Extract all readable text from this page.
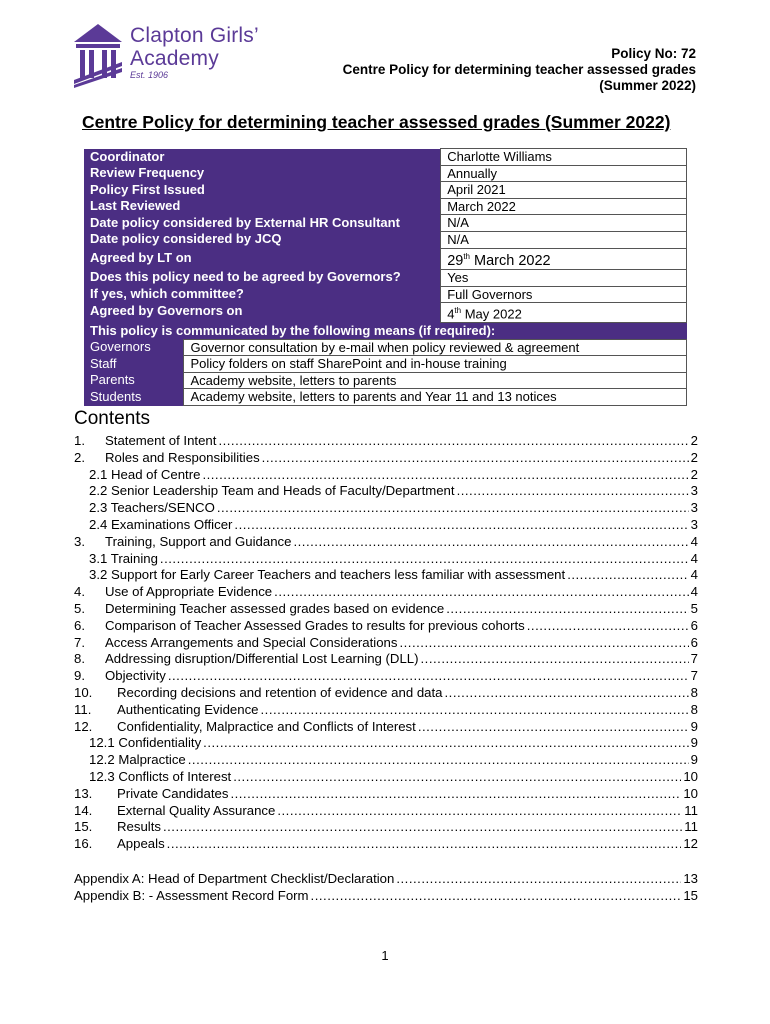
Clapton Girls’
Academy
Est. 1906
Policy No: 72
Centre Policy for determining teacher assessed grades
(Summer 2022)
Centre Policy for determining teacher assessed grades (Summer 2022)
Coordinator		Charlotte Williams
Review Frequency		Annually
Policy First Issued		April 2021
Last Reviewed		March 2022
Date policy considered by External HR Consultant		N/A
Date policy considered by JCQ		N/A
Agreed by LT on		29th March 2022
Does this policy need to be agreed by Governors?		Yes
If yes, which committee?		Full Governors
Agreed by Governors on		4th May 2022
This policy is communicated by the following means (if required):		
Governors	Governor consultation by e-mail when policy reviewed & agreement	
Staff	Policy folders on staff SharePoint and in-house training	
Parents	Academy website, letters to parents	
Students	Academy website, letters to parents and Year 11 and 13 notices	
Contents
1.	Statement of Intent .....	2
2.	Roles and Responsibilities .....	2
2.1 Head of Centre .....	2
2.2 Senior Leadership Team and Heads of Faculty/Department .....	3
2.3 Teachers/SENCO .....	3
2.4 Examinations Officer .....	3
3.	Training, Support and Guidance .....	4
3.1 Training .....	4
3.2 Support for Early Career Teachers and teachers less familiar with assessment .....	4
4.	Use of Appropriate Evidence .....	4
5.	Determining Teacher assessed grades based on evidence .....	5
6.	Comparison of Teacher Assessed Grades to results for previous cohorts .....	6
7.	Access Arrangements and Special Considerations .....	6
8.	Addressing disruption/Differential Lost Learning (DLL) .....	7
9.	Objectivity .....	7
10.	Recording decisions and retention of evidence and data .....	8
11.	Authenticating Evidence .....	8
12.	Confidentiality, Malpractice and Conflicts of Interest .....	9
12.1 Confidentiality .....	9
12.2 Malpractice .....	9
12.3 Conflicts of Interest .....	10
13.	Private Candidates .....	10
14.	External Quality Assurance .....	11
15.	Results .....	11
16.	Appeals .....	12
Appendix A: Head of Department Checklist/Declaration .....	13
Appendix B: - Assessment Record Form .....	15
1
